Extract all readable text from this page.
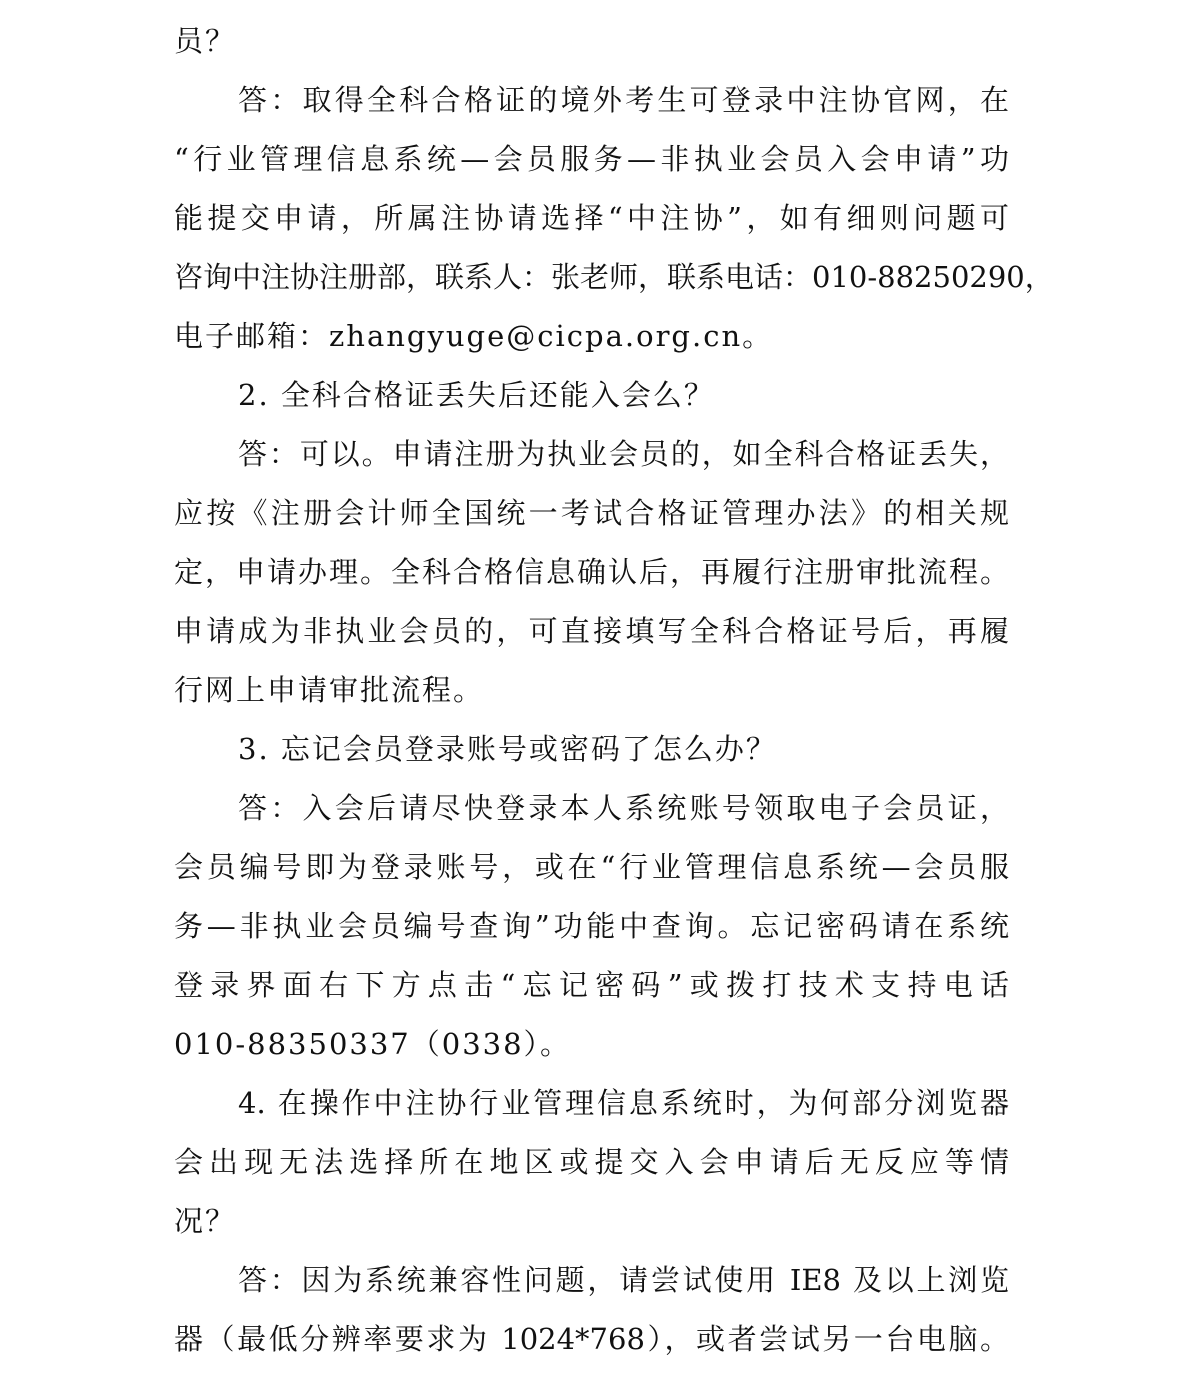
员？
答：取得全科合格证的境外考生可登录中注协官网，在
“行业管理信息系统—会员服务—非执业会员入会申请”功
能提交申请，所属注协请选择“中注协”，如有细则问题可
咨询中注协注册部，联系人：张老师，联系电话：010-88250290，
电子邮箱：zhangyuge@cicpa.org.cn。
2. 全科合格证丢失后还能入会么？
答：可以。申请注册为执业会员的，如全科合格证丢失，
应按《注册会计师全国统一考试合格证管理办法》的相关规
定，申请办理。全科合格信息确认后，再履行注册审批流程。
申请成为非执业会员的，可直接填写全科合格证号后，再履
行网上申请审批流程。
3. 忘记会员登录账号或密码了怎么办？
答：入会后请尽快登录本人系统账号领取电子会员证，
会员编号即为登录账号，或在“行业管理信息系统—会员服
务—非执业会员编号查询”功能中查询。忘记密码请在系统
登录界面右下方点击“忘记密码”或拨打技术支持电话
010-88350337（0338）。
4. 在操作中注协行业管理信息系统时，为何部分浏览器
会出现无法选择所在地区或提交入会申请后无反应等情
况？
答：因为系统兼容性问题，请尝试使用 IE8 及以上浏览
器（最低分辨率要求为 1024*768），或者尝试另一台电脑。
